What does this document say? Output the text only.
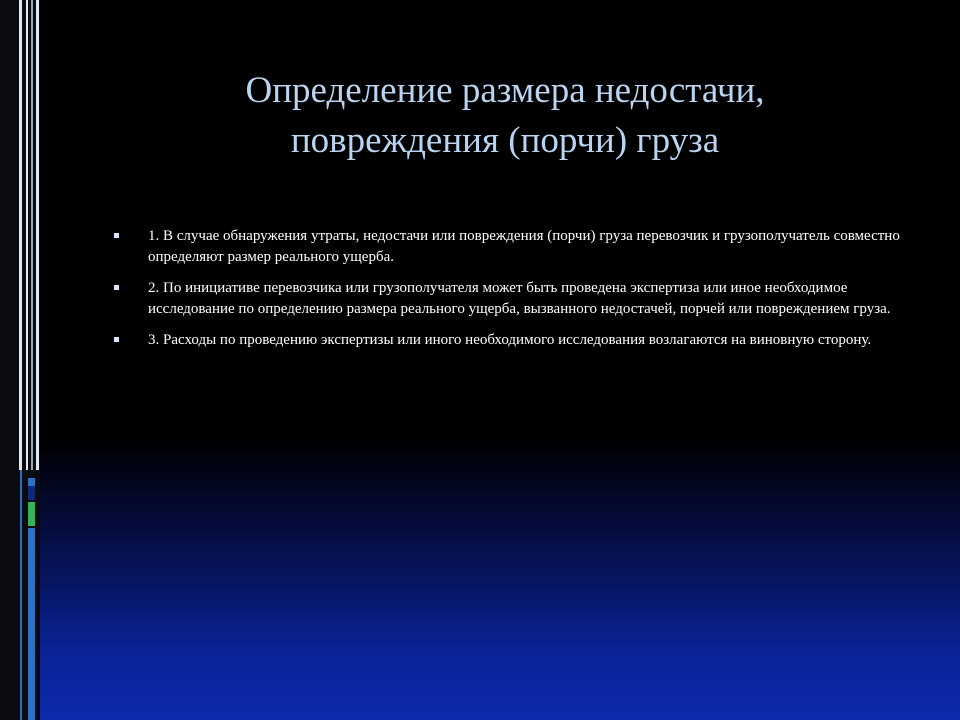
Определение размера недостачи,
повреждения (порчи) груза
1. В случае обнаружения утраты, недостачи или повреждения (порчи) груза перевозчик и грузополучатель совместно определяют размер реального ущерба.
2. По инициативе перевозчика или грузополучателя может быть проведена экспертиза или иное необходимое исследование по определению размера реального ущерба, вызванного недостачей, порчей или повреждением груза.
3. Расходы по проведению экспертизы или иного необходимого исследования возлагаются на виновную сторону.
